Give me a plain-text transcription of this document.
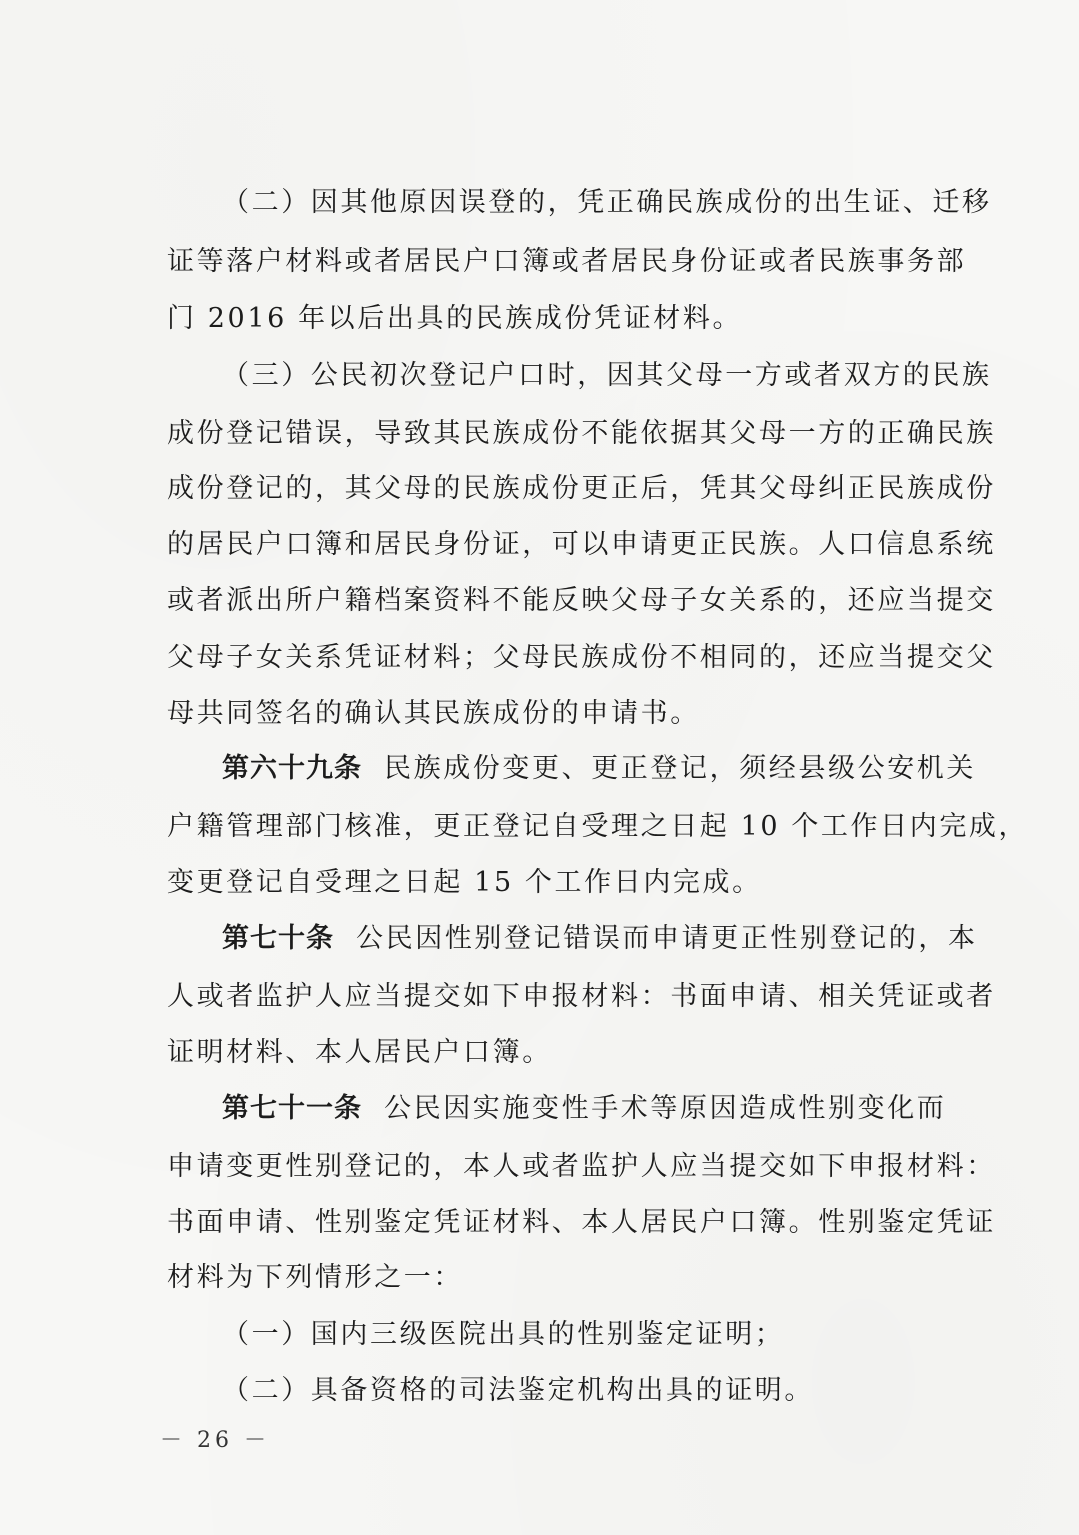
（二）因其他原因误登的，凭正确民族成份的出生证、迁移
证等落户材料或者居民户口簿或者居民身份证或者民族事务部
门 2016 年以后出具的民族成份凭证材料。
（三）公民初次登记户口时，因其父母一方或者双方的民族
成份登记错误，导致其民族成份不能依据其父母一方的正确民族
成份登记的，其父母的民族成份更正后，凭其父母纠正民族成份
的居民户口簿和居民身份证，可以申请更正民族。人口信息系统
或者派出所户籍档案资料不能反映父母子女关系的，还应当提交
父母子女关系凭证材料；父母民族成份不相同的，还应当提交父
母共同签名的确认其民族成份的申请书。
第六十九条 民族成份变更、更正登记，须经县级公安机关
户籍管理部门核准，更正登记自受理之日起 10 个工作日内完成，
变更登记自受理之日起 15 个工作日内完成。
第七十条 公民因性别登记错误而申请更正性别登记的，本
人或者监护人应当提交如下申报材料：书面申请、相关凭证或者
证明材料、本人居民户口簿。
第七十一条 公民因实施变性手术等原因造成性别变化而
申请变更性别登记的，本人或者监护人应当提交如下申报材料：
书面申请、性别鉴定凭证材料、本人居民户口簿。性别鉴定凭证
材料为下列情形之一：
（一）国内三级医院出具的性别鉴定证明；
（二）具备资格的司法鉴定机构出具的证明。
－ 26 －
